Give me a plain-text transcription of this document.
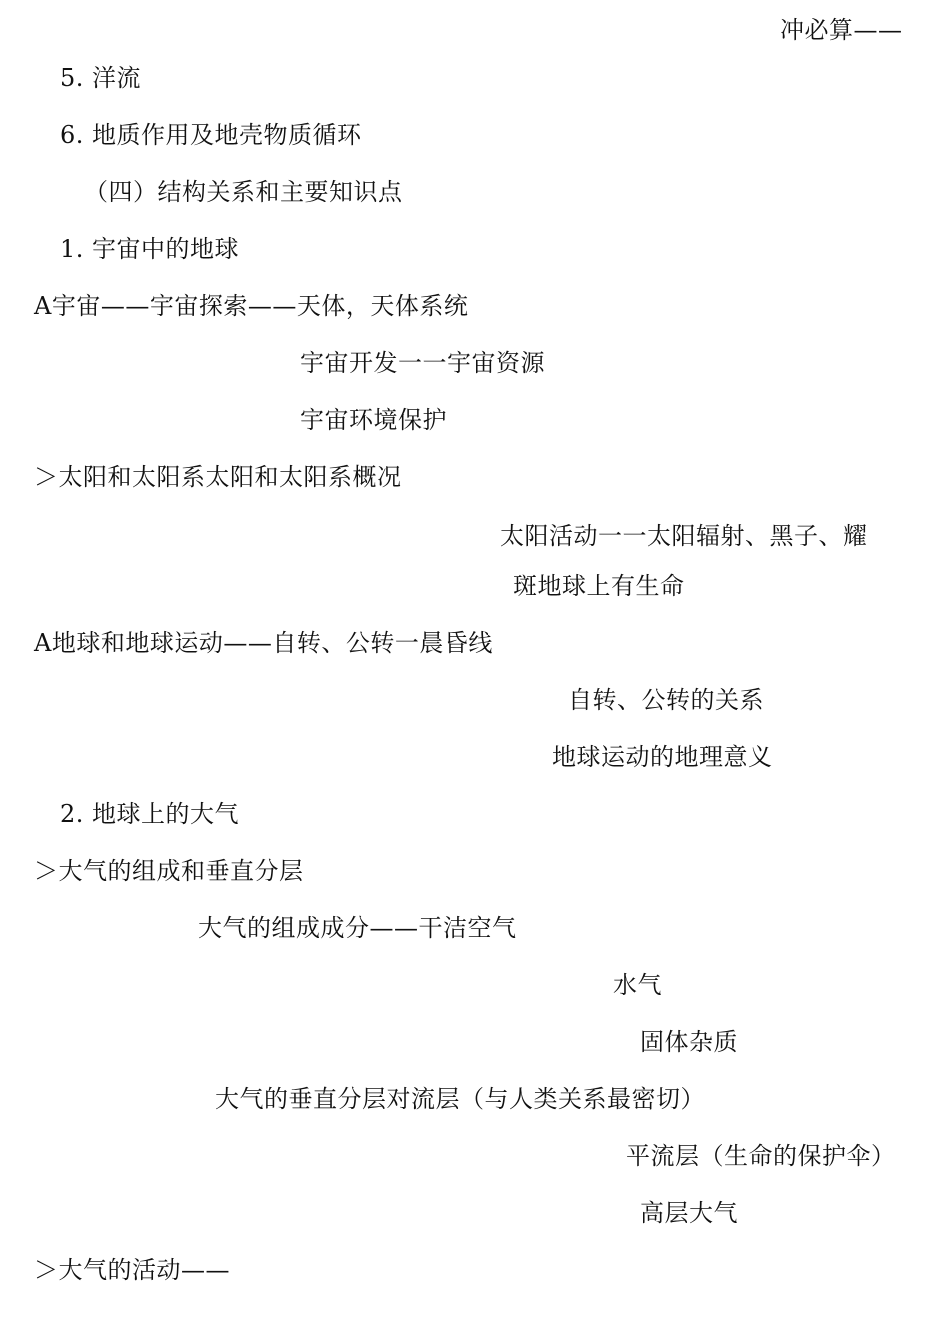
冲必算——
5. 洋流
6. 地质作用及地壳物质循环
（四）结构关系和主要知识点
1. 宇宙中的地球
A宇宙——宇宙探索——天体，天体系统
宇宙开发一一宇宙资源
宇宙环境保护
＞太阳和太阳系太阳和太阳系概况
太阳活动一一太阳辐射、黑子、耀
斑地球上有生命
A地球和地球运动——自转、公转一晨昏线
自转、公转的关系
地球运动的地理意义
2. 地球上的大气
＞大气的组成和垂直分层
大气的组成成分——干洁空气
水气
固体杂质
大气的垂直分层对流层（与人类关系最密切）
平流层（生命的保护伞）
高层大气
＞大气的活动——
